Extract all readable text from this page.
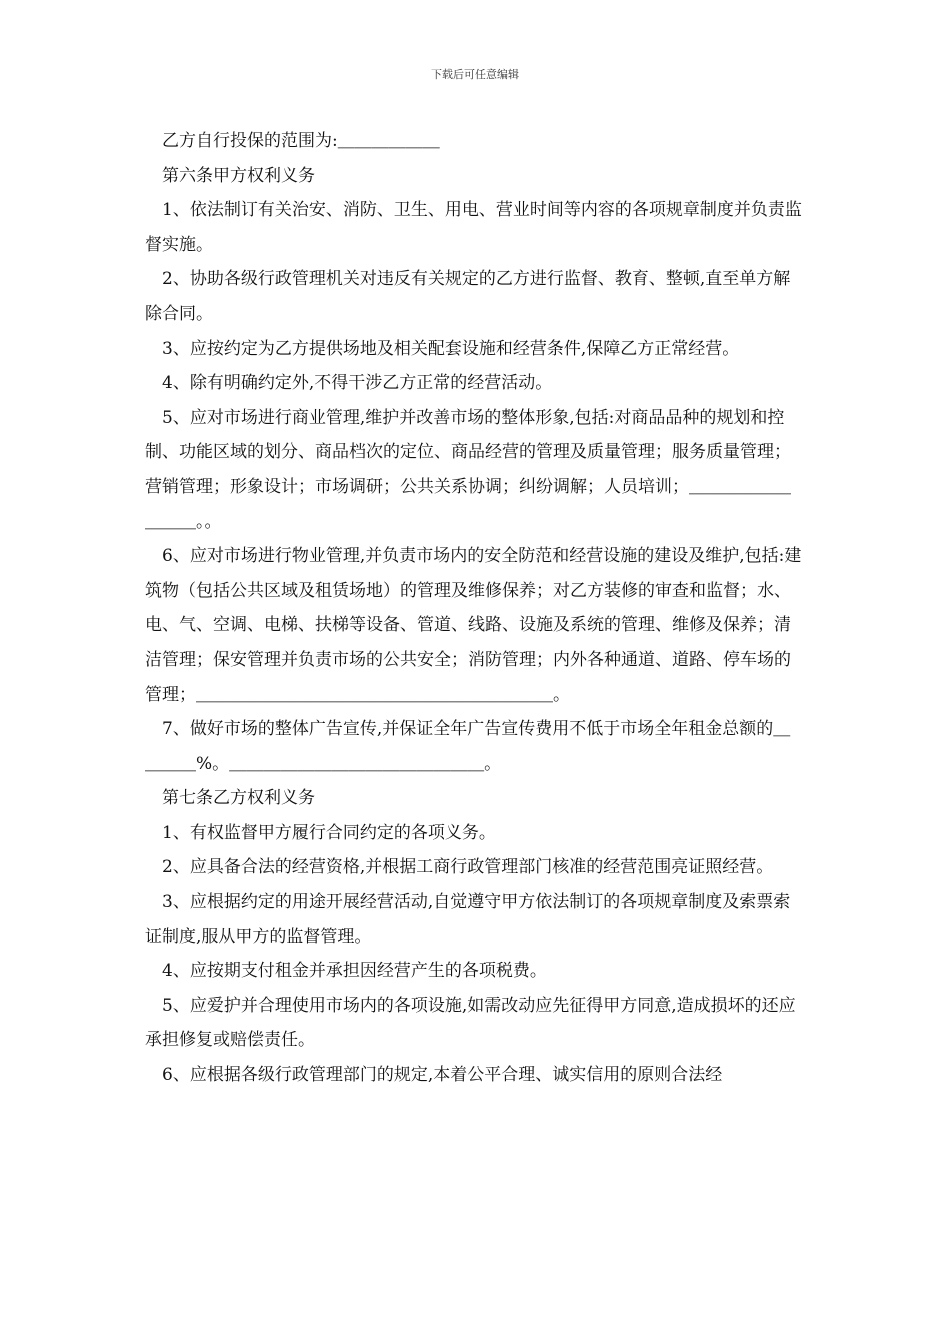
下载后可任意编辑

乙方自行投保的范围为:＿＿＿＿＿＿

第六条甲方权利义务

1、依法制订有关治安、消防、卫生、用电、营业时间等内容的各项规章制度并负责监督实施。

2、协助各级行政管理机关对违反有关规定的乙方进行监督、教育、整顿,直至单方解除合同。

3、应按约定为乙方提供场地及相关配套设施和经营条件,保障乙方正常经营。

4、除有明确约定外,不得干涉乙方正常的经营活动。

5、应对市场进行商业管理,维护并改善市场的整体形象,包括:对商品品种的规划和控制、功能区域的划分、商品档次的定位、商品经营的管理及质量管理；服务质量管理；营销管理；形象设计；市场调研；公共关系协调；纠纷调解；人员培训；＿＿＿＿＿＿＿＿＿。。

6、应对市场进行物业管理,并负责市场内的安全防范和经营设施的建设及维护,包括:建筑物（包括公共区域及租赁场地）的管理及维修保养；对乙方装修的审查和监督；水、电、气、空调、电梯、扶梯等设备、管道、线路、设施及系统的管理、维修及保养；清洁管理；保安管理并负责市场的公共安全；消防管理；内外各种通道、道路、停车场的管理；＿＿＿＿＿＿＿＿＿＿＿＿＿＿＿＿＿＿＿＿＿。

7、做好市场的整体广告宣传,并保证全年广告宣传费用不低于市场全年租金总额的＿＿＿＿%。＿＿＿＿＿＿＿＿＿＿＿＿＿＿＿。

第七条乙方权利义务

1、有权监督甲方履行合同约定的各项义务。

2、应具备合法的经营资格,并根据工商行政管理部门核准的经营范围亮证照经营。

3、应根据约定的用途开展经营活动,自觉遵守甲方依法制订的各项规章制度及索票索证制度,服从甲方的监督管理。

4、应按期支付租金并承担因经营产生的各项税费。

5、应爱护并合理使用市场内的各项设施,如需改动应先征得甲方同意,造成损坏的还应承担修复或赔偿责任。

6、应根据各级行政管理部门的规定,本着公平合理、诚实信用的原则合法经
